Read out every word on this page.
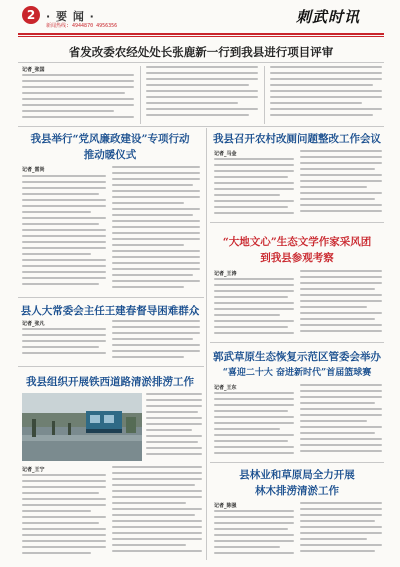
2 · 要 闻 ·
新闻热线: 4944870 4956356	刺武时讯
省发改委农经处处长张鹿新一行到我县进行项目评审
记者_张国
我县举行“党风廉政建设”专项行动
推动暖仪式
记者_雷尚
我县召开农村改厕问题整改工作会议
记者_马金
“大地文心”生态文学作家采风团
到我县参观考察
记者_王涛
郭武草原生态恢复示范区管委会举办
“喜迎二十大 奋进新时代”首届篮球赛
记者_王东
县林业和草原局全力开展
林木排涝清淤工作
记者_陈强
县人大常委会主任王建春督导困难群众
记者_张凡
我县组织开展铁西道路清淤排涝工作
记者_王宁
